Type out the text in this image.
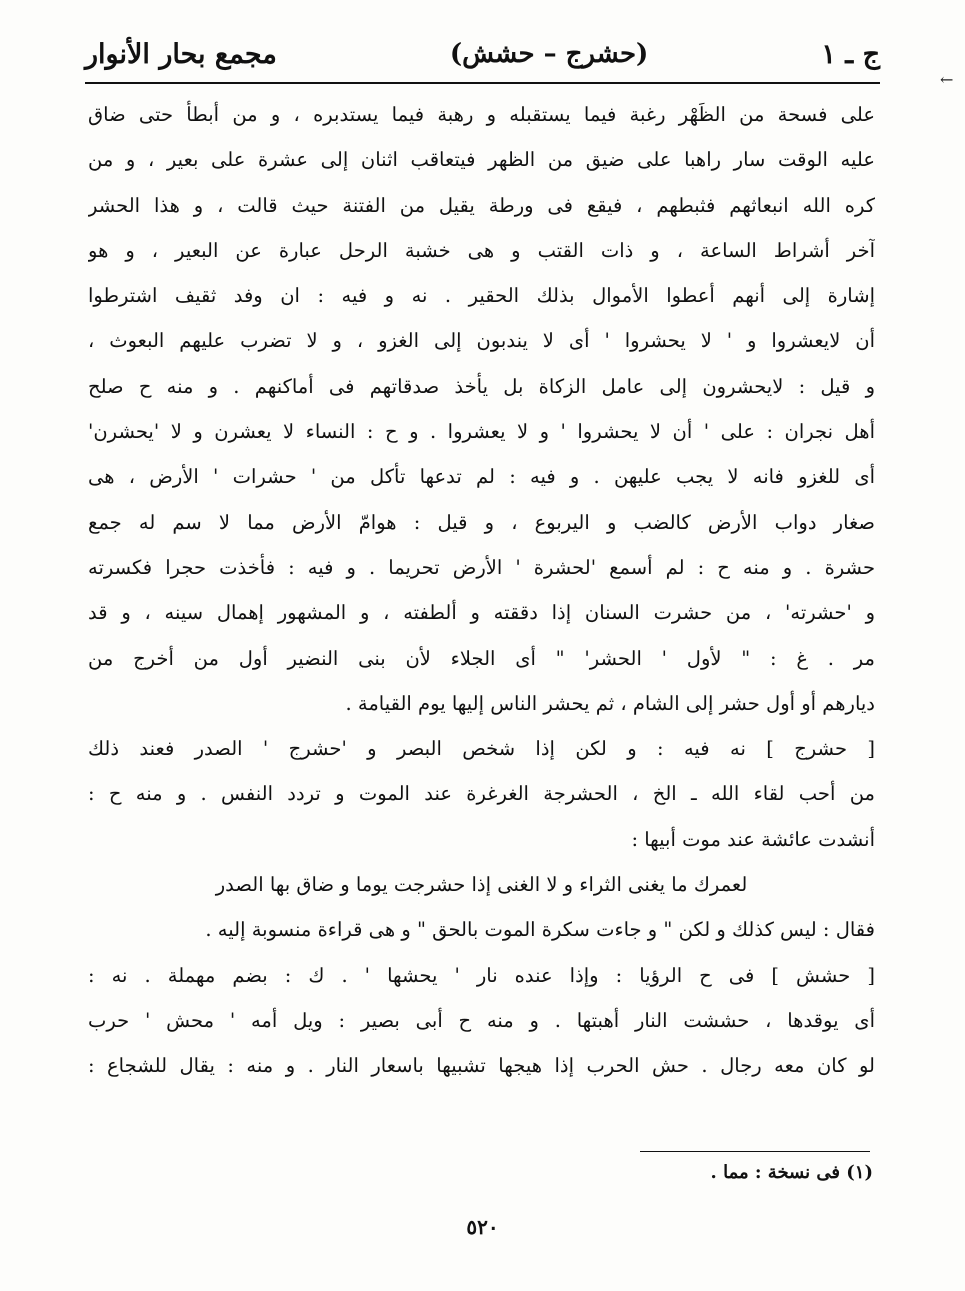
مجمع بحار الأنوار	(حشرج – حشش)	ج ـ ١
←
على فسحة من الظَهْر رغبة فيما يستقبله و رهبة فيما يستدبره ، و من أبطأ حتى ضاق
عليه الوقت سار راهبا على ضيق من الظهر فيتعاقب اثنان إلى عشرة على بعير ، و من
كره الله انبعاثهم فثبطهم ، فيقع فى ورطة يقيل من الفتنة حيث قالت ، و هذا الحشر
آخر أشراط الساعة ، و ذات القتب و هى خشبة الرحل عبارة عن البعير ، و هو
إشارة إلى أنهم أعطوا الأموال بذلك الحقير . نه و فيه : ان وفد ثقيف اشترطوا
أن لايعشروا و ' لا يحشروا ' أى لا يندبون إلى الغزو ، و لا تضرب عليهم البعوث ،
و قيل : لايحشرون إلى عامل الزكاة بل يأخذ صدقاتهم فى أماكنهم . و منه ح صلح
أهل نجران : على ' أن لا يحشروا ' و لا يعشروا . و ح : النساء لا يعشرن و لا 'يحشرن'
أى للغزو فانه لا يجب عليهن . و فيه : لم تدعها تأكل من ' حشرات ' الأرض ، هى
صغار دواب الأرض كالضب و اليربوع ، و قيل : هوامّ الأرض مما لا سم له جمع
حشرة . و منه ح : لم أسمع 'لحشرة ' الأرض تحريما . و فيه : فأخذت حجرا فكسرته
و 'حشرته' ، من حشرت السنان إذا دققته و ألطفته ، و المشهور إهمال سينه ، و قد
مر . غ : " لأول ' الحشر' " أى الجلاء لأن بنى النضير أول من أخرج من
ديارهم أو أول حشر إلى الشام ، ثم يحشر الناس إليها يوم القيامة .
[ حشرج ] نه فيه : و لكن إذا شخص البصر و 'حشرج ' الصدر فعند ذلك
من أحب لقاء الله ـ الخ ، الحشرجة الغرغرة عند الموت و تردد النفس . و منه ح :
أنشدت عائشة عند موت أبيها :
لعمرك ما يغنى الثراء و لا الغنى إذا حشرجت يوما و ضاق بها الصدر
فقال : ليس كذلك و لكن " و جاءت سكرة الموت بالحق " و هى قراءة منسوبة إليه .
[ حشش ] فى ح الرؤيا : وإذا عنده نار ' يحشها ' . ك : بضم مهملة . نه :
أى يوقدها ، حششت النار أهبتها . و منه ح أبى بصير : ويل أمه ' محش ' حرب
لو كان معه رجال . حش الحرب إذا هيجها تشبيها باسعار النار . و منه : يقال للشجاع :
(١) فى نسخة : مما .
٥٢٠
